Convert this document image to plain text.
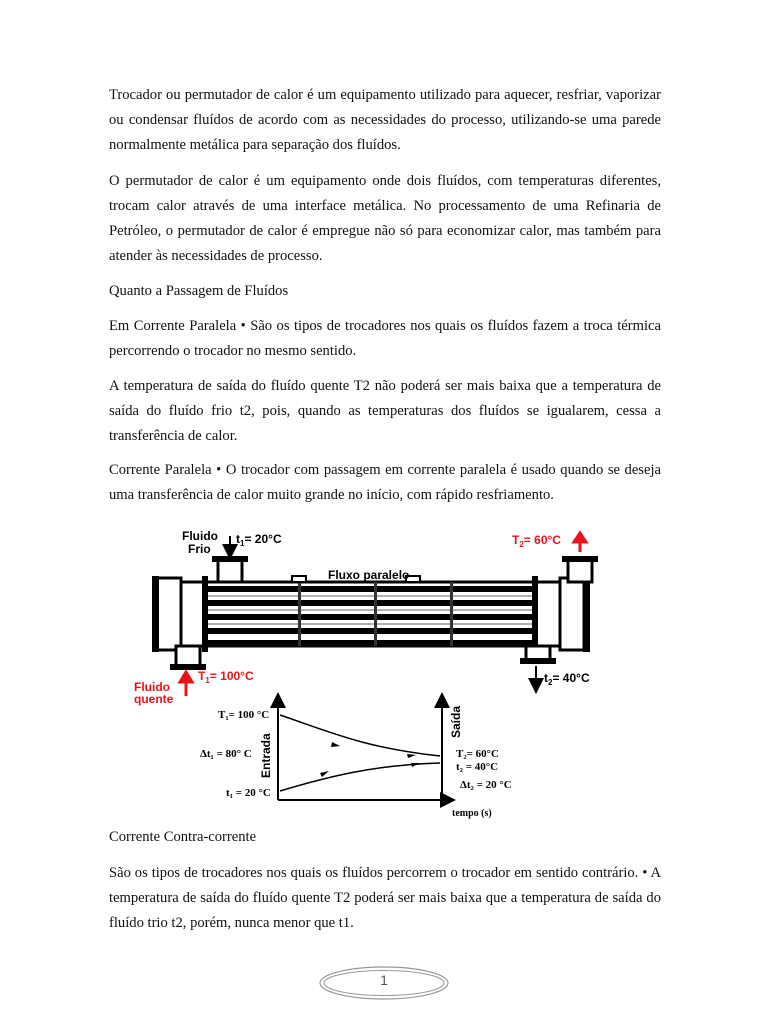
Trocador ou permutador de calor é um equipamento utilizado para aquecer, resfriar, vaporizar ou condensar fluídos de acordo com as necessidades do processo, utilizando-se uma parede normalmente metálica para separação dos fluídos.

O permutador de calor é um equipamento onde dois fluídos, com temperaturas diferentes, trocam calor através de uma interface metálica. No processamento de uma Refinaria de Petróleo, o permutador de calor é empregue não só para economizar calor, mas também para atender às necessidades de processo.

Quanto a Passagem de Fluídos

Em Corrente Paralela • São os tipos de trocadores nos quais os fluídos fazem a troca térmica percorrendo o trocador no mesmo sentido.

A temperatura de saída do fluído quente T2 não poderá ser mais baixa que a temperatura de saída do fluído frio t2, pois, quando as temperaturas dos fluídos se igualarem, cessa a transferência de calor.

Corrente Paralela • O trocador com passagem em corrente paralela é usado quando se deseja uma transferência de calor muito grande no início, com rápido resfriamento.

Fluido
Frio
$t_1= 20^\circ C$	$T_2= 60^\circ C$
Fluxo paralelo
Fluido
quente
$T_1= 100^\circ C$	$t_2= 40^\circ C$
Entrada
Saída
tempo (s)
T₁= 100 °C
Δt₁ = 80° C
t₁ = 20 °C
T₂= 60°C
t₂ = 40°C
Δt₂ = 20 °C

Corrente Contra-corrente

São os tipos de trocadores nos quais os fluídos percorrem o trocador em sentido contrário. • A temperatura de saída do fluído quente T2 poderá ser mais baixa que a temperatura de saída do fluído trio t2, porém, nunca menor que t1.

1
